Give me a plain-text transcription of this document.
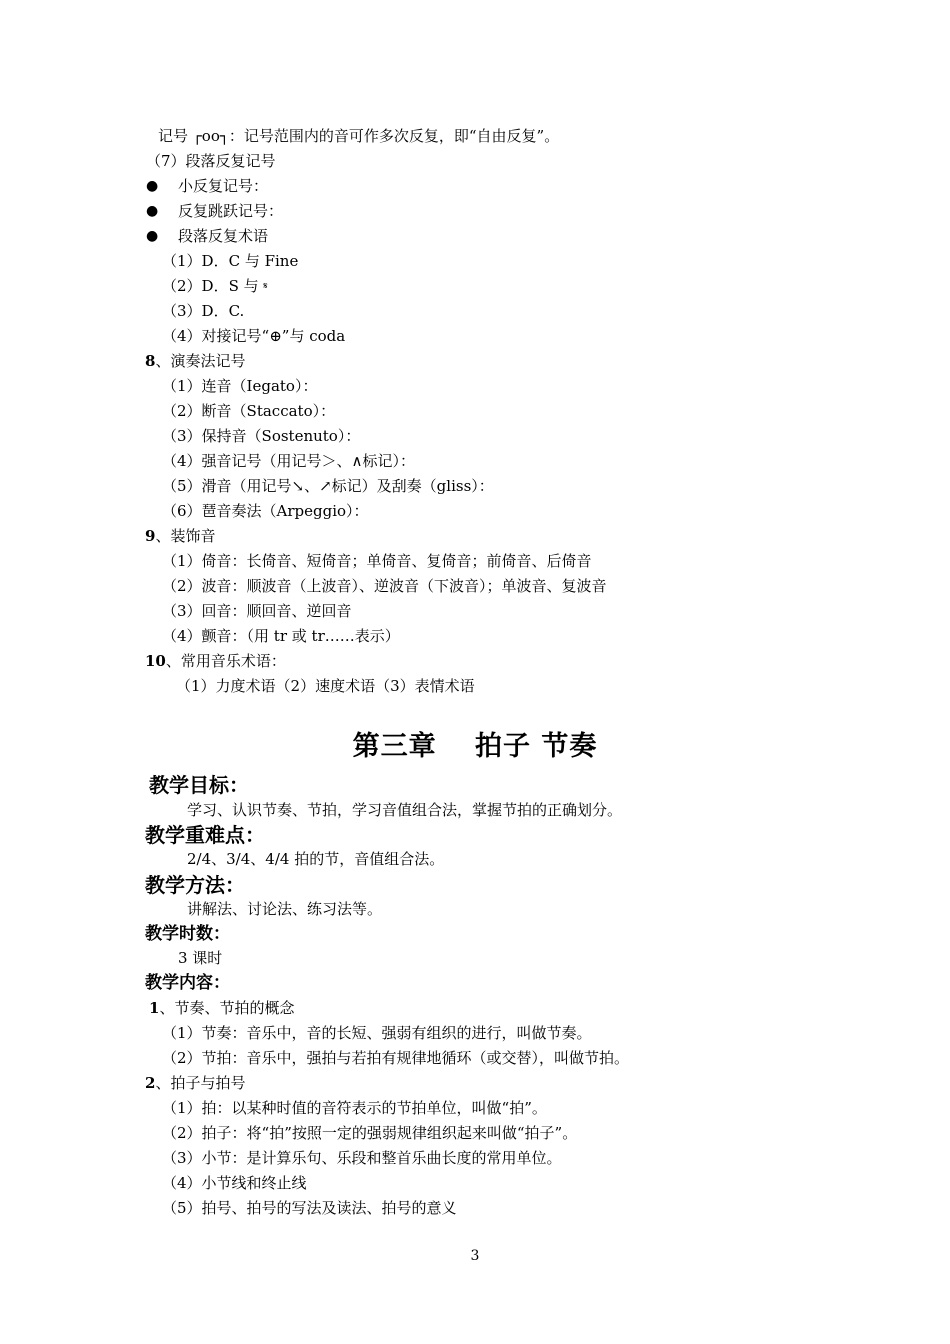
记号 ┌oo┐：记号范围内的音可作多次反复，即“自由反复”。
（7）段落反复记号
● 小反复记号：
● 反复跳跃记号：
● 段落反复术语
（1）D．C 与 Fine
（2）D．S 与 𝄋
（3）D．C.
（4）对接记号“⊕”与 coda
8、演奏法记号
（1）连音（Iegato）：
（2）断音（Staccato）：
（3）保持音（Sostenuto）：
（4）强音记号（用记号＞、∧标记）：
（5）滑音（用记号↘、↗标记）及刮奏（gliss）：
（6）琶音奏法（Arpeggio）：
9、装饰音
（1）倚音：长倚音、短倚音；单倚音、复倚音；前倚音、后倚音
（2）波音：顺波音（上波音）、逆波音（下波音）；单波音、复波音
（3）回音：顺回音、逆回音
（4）颤音：（用 tr 或 tr……表示）
10、常用音乐术语：
（1）力度术语（2）速度术语（3）表情术语
第三章　 拍子 节奏
教学目标：
学习、认识节奏、节拍，学习音值组合法，掌握节拍的正确划分。
教学重难点：
2/4、3/4、4/4 拍的节，音值组合法。
教学方法：
讲解法、讨论法、练习法等。
教学时数：
3 课时
教学内容：
1、节奏、节拍的概念
（1）节奏：音乐中，音的长短、强弱有组织的进行，叫做节奏。
（2）节拍：音乐中，强拍与若拍有规律地循环（或交替），叫做节拍。
2、拍子与拍号
（1）拍：以某种时值的音符表示的节拍单位，叫做“拍”。
（2）拍子：将“拍”按照一定的强弱规律组织起来叫做“拍子”。
（3）小节：是计算乐句、乐段和整首乐曲长度的常用单位。
（4）小节线和终止线
（5）拍号、拍号的写法及读法、拍号的意义
3
